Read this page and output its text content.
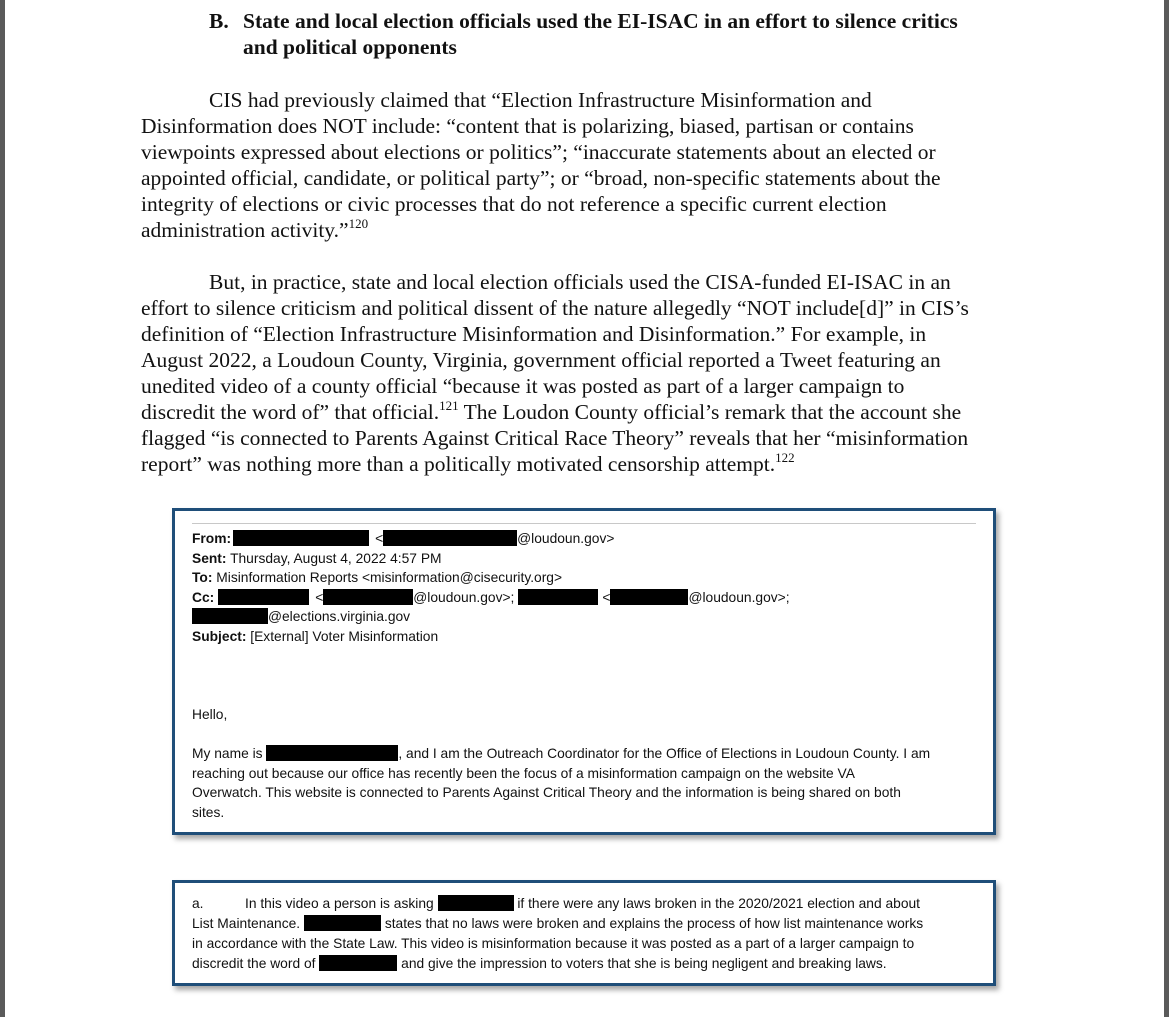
B. State and local election officials used the EI-ISAC in an effort to silence critics
and political opponents
CIS had previously claimed that “Election Infrastructure Misinformation and
Disinformation does NOT include: “content that is polarizing, biased, partisan or contains
viewpoints expressed about elections or politics”; “inaccurate statements about an elected or
appointed official, candidate, or political party”; or “broad, non-specific statements about the
integrity of elections or civic processes that do not reference a specific current election
administration activity.”$^{120}$
But, in practice, state and local election officials used the CISA-funded EI-ISAC in an
effort to silence criticism and political dissent of the nature allegedly “NOT include[d]” in CIS’s
definition of “Election Infrastructure Misinformation and Disinformation.” For example, in
August 2022, a Loudoun County, Virginia, government official reported a Tweet featuring an
unedited video of a county official “because it was posted as part of a larger campaign to
discredit the word of” that official.$^{121}$ The Loudon County official’s remark that the account she
flagged “is connected to Parents Against Critical Race Theory” reveals that her “misinformation
report” was nothing more than a politically motivated censorship attempt.$^{122}$
From:	<	@loudoun.gov>
Sent: Thursday, August 4, 2022 4:57 PM
To: Misinformation Reports <misinformation@cisecurity.org>
Cc:	<	@loudoun.gov>;	<	@loudoun.gov>;
@elections.virginia.gov
Subject: [External] Voter Misinformation
Hello,
My name is	, and I am the Outreach Coordinator for the Office of Elections in Loudoun County. I am
reaching out because our office has recently been the focus of a misinformation campaign on the website VA
Overwatch. This website is connected to Parents Against Critical Theory and the information is being shared on both
sites.
a.	In this video a person is asking	if there were any laws broken in the 2020/2021 election and about
List Maintenance.	states that no laws were broken and explains the process of how list maintenance works
in accordance with the State Law. This video is misinformation because it was posted as a part of a larger campaign to
discredit the word of	and give the impression to voters that she is being negligent and breaking laws.
